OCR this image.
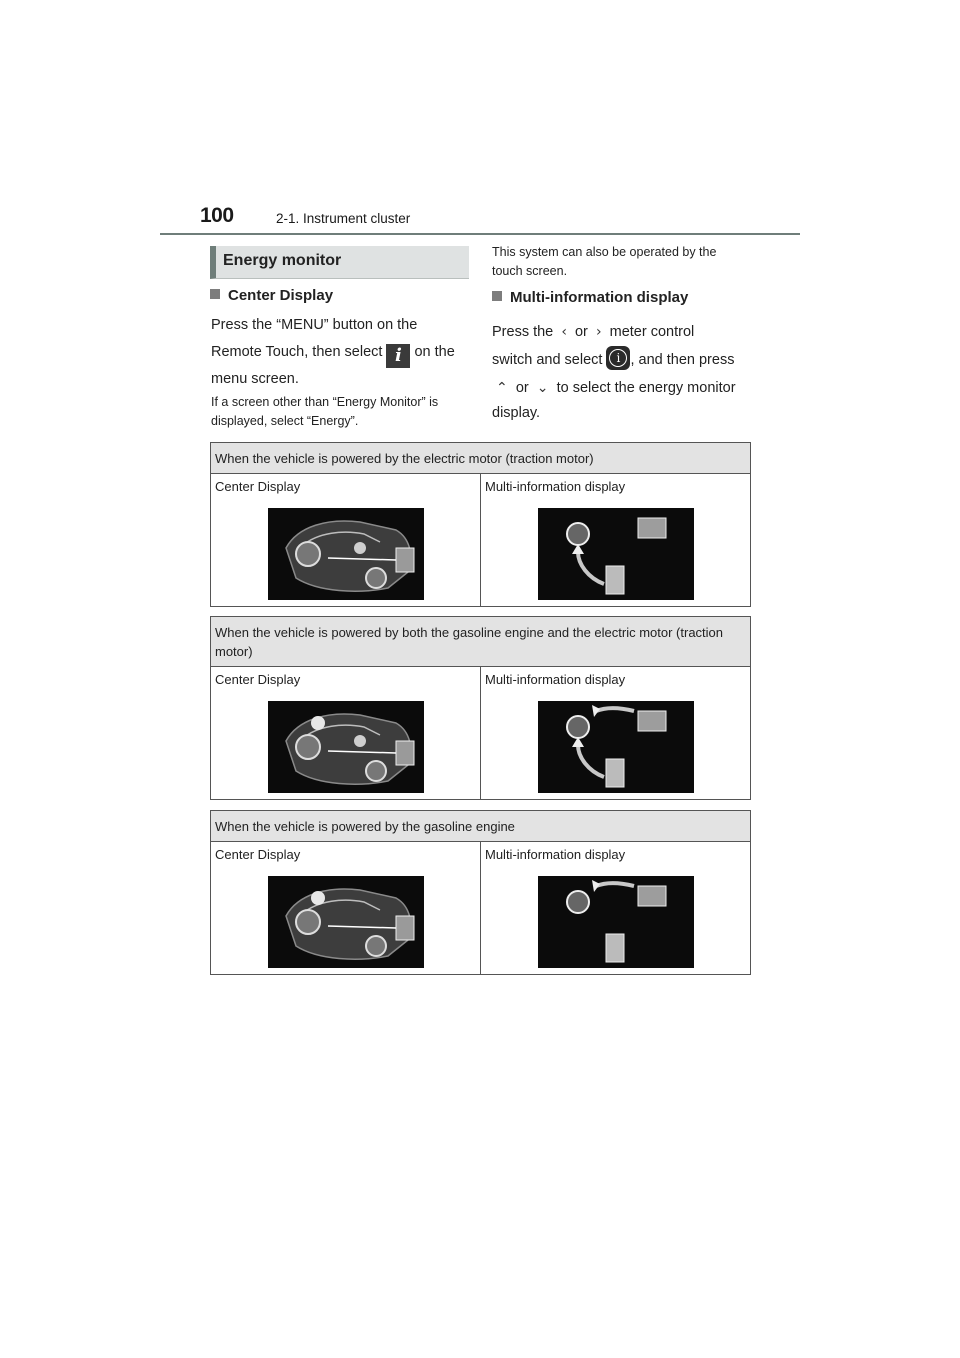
100	2-1. Instrument cluster
Energy monitor
Center Display
Press the “MENU” button on the
Remote Touch, then select i on the
menu screen.
If a screen other than “Energy Monitor” is
displayed, select “Energy”.
This system can also be operated by the
touch screen.
Multi-information display
Press the ‹ or › meter control
switch and select i , and then press
⌃ or ⌄ to select the energy monitor
display.
When the vehicle is powered by the electric motor (traction motor)

Center Display	Multi-information display
When the vehicle is powered by both the gasoline engine and the electric motor (traction motor)

Center Display	Multi-information display
When the vehicle is powered by the gasoline engine

Center Display	Multi-information display
